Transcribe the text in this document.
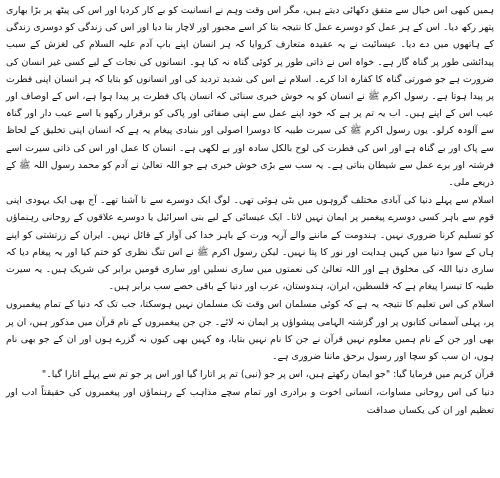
ہمیں کبھی اس خیال سے متفق دکھائی دیتے ہیں، مگر اس وقت وہم نے انسانیت کو بے کار کردیا اور اس کی پیٹھ پر بڑا بھاری پتھر رکھ دیا۔ اس کے ہر عمل کو دوسرے عمل کا نتیجہ بتا کر اسے مجبور اور لاچار بنا دیا اور اس کی زندگی کو دوسری زندگی کے ہاتھوں میں دے دیا۔ عیسائیت نے یہ عقیدہ متعارف کروایا کہ ہر انسان اپنے باپ آدم علیہ السلام کی لغزش کے سبب پیدائشی طور پر گناہ گار ہے۔ خواہ اس نے ذاتی طور پر کوئی گناہ نہ کیا ہو۔ انسانوں کی نجات کے لیے کسی غیر انسان کی ضرورت ہے جو صورتی گناہ کا کفارہ ادا کرے۔ اسلام نے اس کی شدید تردید کی اور انسانوں کو بتایا کہ ہر انسان اپنی فطرت پر پیدا ہوتا ہے۔ رسول اکرم ﷺ نے انسان کو یہ خوش خبری سنائی کہ انسان پاک فطرت پر پیدا ہوا ہے، اس کے اوصاف اور عیب اس کے اپنے ہیں۔ اب یہ تم پر ہے کہ خود اپنے عمل سے اپنی صفائی اور پاکی کو برقرار رکھو یا اسے عیب دار اور گناہ سے آلودہ کرلو۔ یوں رسول اکرم ﷺ کی سیرت طیبہ کا دوسرا اصولی اور بنیادی پیغام یہ ہے کہ انسان اپنی تخلیق کے لحاظ سے پاک اور بے گناہ ہے اور اس کی فطرت کی لوح بالکل سادہ اور بے لکھی ہے۔ انسان کا عمل اور اس کی ذاتی سیرت اسے فرشتہ اور برے عمل سے شیطان بناتی ہے۔ یہ سب سے بڑی خوش خبری ہے جو اللہ تعالیٰ نے آدم کو محمد رسول اللہ ﷺ کے ذریعے ملی۔

اسلام سے پہلے دنیا کی آبادی مختلف گروہوں میں بٹی ہوئی تھی۔ لوگ ایک دوسرے سے نا آشنا تھے۔ آج بھی ایک یہودی اپنی قوم سے باہر کسی دوسرے پیغمبر پر ایمان نہیں لاتا۔ ایک عیسائی کے لیے بنی اسرائیل یا دوسرے علاقوں کے روحانی رہنماؤں کو تسلیم کرنا ضروری نہیں۔ ہندومت کے ماننے والے آریہ ورت کے باہر خدا کی آواز کے قائل نہیں۔ ایران کے زرتشتی کو اپنے ہاں کے سوا دنیا میں کہیں ہدایت اور نور کا پتا نہیں۔ لیکن رسول اکرم ﷺ نے اس تنگ نظری کو ختم کیا اور یہ پیغام دیا کہ ساری دنیا اللہ کی مخلوق ہے اور اللہ تعالیٰ کی نعمتوں میں ساری نسلیں اور ساری قومیں برابر کی شریک ہیں۔ یہ سیرت طیبہ کا تیسرا پیغام ہے کہ فلسطین، ایران، ہندوستان، عرب اور دنیا کے باقی حصے سب برابر ہیں۔

اسلام کی اس تعلیم کا نتیجہ یہ ہے کہ کوئی مسلمان اس وقت تک مسلمان نہیں ہوسکتا، جب تک کہ دنیا کے تمام پیغمبروں پر، پہلی آسمانی کتابوں پر اور گزشتہ الہامی پیشواؤں پر ایمان نہ لائے۔ جن جن پیغمبروں کے نام قرآن میں مذکور ہیں، ان پر بھی اور جن کے نام ہمیں معلوم نہیں قرآن نے جن کا نام نہیں بتایا، وہ کہیں بھی کیوں نہ گزرے ہوں اور ان کے جو بھی نام ہوں، ان سب کو سچا اور رسول برحق ماننا ضروری ہے۔

قرآن کریم میں فرمایا گیا: "جو ایمان رکھتے ہیں، اس پر جو (نبی) تم پر اتارا گیا اور اس پر جو تم سے پہلے اتارا گیا۔"

دنیا کی اس روحانی مساوات، انسانی اخوت و برادری اور تمام سچے مذاہب کے رہنماؤں اور پیغمبروں کی حقیقتاً ادب اور تعظیم اور ان کی یکساں صداقت
